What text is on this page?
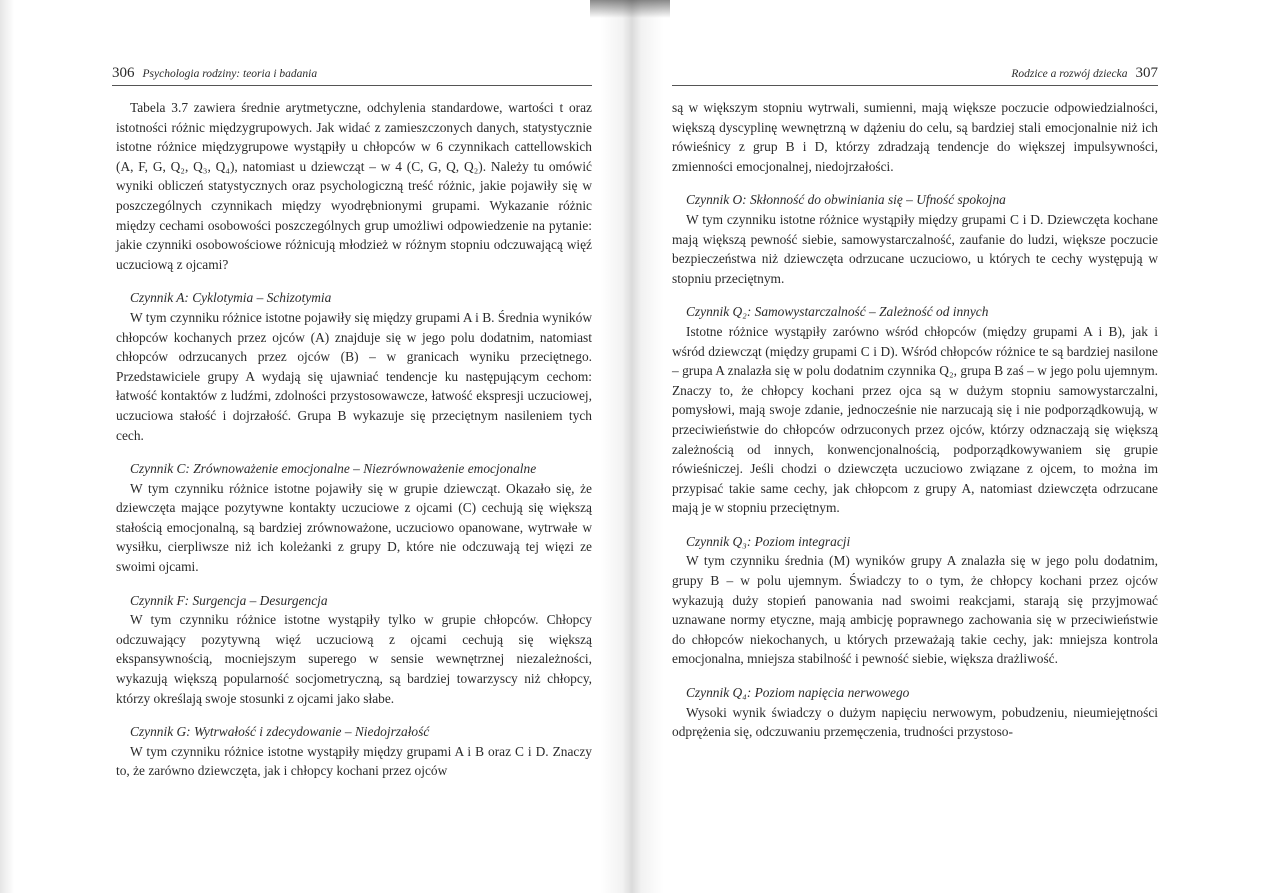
306 Psychologia rodziny: teoria i badania

Tabela 3.7 zawiera średnie arytmetyczne, odchylenia standardowe, wartości t oraz istotności różnic międzygrupowych. Jak widać z zamieszczonych danych, statystycznie istotne różnice międzygrupowe wystąpiły u chłopców w 6 czynnikach cattellowskich (A, F, G, Q₂, Q₃, Q₄), natomiast u dziewcząt – w 4 (C, G, Q, Q₂). Należy tu omówić wyniki obliczeń statystycznych oraz psychologiczną treść różnic, jakie pojawiły się w poszczególnych czynnikach między wyodrębnionymi grupami. Wykazanie różnic między cechami osobowości poszczególnych grup umożliwi odpowiedzenie na pytanie: jakie czynniki osobowościowe różnicują młodzież w różnym stopniu odczuwającą więź uczuciową z ojcami?

Czynnik A: Cyklotymia – Schizotymia

W tym czynniku różnice istotne pojawiły się między grupami A i B. Średnia wyników chłopców kochanych przez ojców (A) znajduje się w jego polu dodatnim, natomiast chłopców odrzucanych przez ojców (B) – w granicach wyniku przeciętnego. Przedstawiciele grupy A wydają się ujawniać tendencje ku następującym cechom: łatwość kontaktów z ludźmi, zdolności przystosowawcze, łatwość ekspresji uczuciowej, uczuciowa stałość i dojrzałość. Grupa B wykazuje się przeciętnym nasileniem tych cech.

Czynnik C: Zrównoważenie emocjonalne – Niezrównoważenie emocjonalne

W tym czynniku różnice istotne pojawiły się w grupie dziewcząt. Okazało się, że dziewczęta mające pozytywne kontakty uczuciowe z ojcami (C) cechują się większą stałością emocjonalną, są bardziej zrównoważone, uczuciowo opanowane, wytrwałe w wysiłku, cierpliwsze niż ich koleżanki z grupy D, które nie odczuwają tej więzi ze swoimi ojcami.

Czynnik F: Surgencja – Desurgencja

W tym czynniku różnice istotne wystąpiły tylko w grupie chłopców. Chłopcy odczuwający pozytywną więź uczuciową z ojcami cechują się większą ekspansywnością, mocniejszym superego w sensie wewnętrznej niezależności, wykazują większą popularność socjometryczną, są bardziej towarzyscy niż chłopcy, którzy określają swoje stosunki z ojcami jako słabe.

Czynnik G: Wytrwałość i zdecydowanie – Niedojrzałość

W tym czynniku różnice istotne wystąpiły między grupami A i B oraz C i D. Znaczy to, że zarówno dziewczęta, jak i chłopcy kochani przez ojców

Rodzice a rozwój dziecka 307

są w większym stopniu wytrwali, sumienni, mają większe poczucie odpowiedzialności, większą dyscyplinę wewnętrzną w dążeniu do celu, są bardziej stali emocjonalnie niż ich rówieśnicy z grup B i D, którzy zdradzają tendencje do większej impulsywności, zmienności emocjonalnej, niedojrzałości.

Czynnik O: Skłonność do obwiniania się – Ufność spokojna

W tym czynniku istotne różnice wystąpiły między grupami C i D. Dziewczęta kochane mają większą pewność siebie, samowystarczalność, zaufanie do ludzi, większe poczucie bezpieczeństwa niż dziewczęta odrzucane uczuciowo, u których te cechy występują w stopniu przeciętnym.

Czynnik Q₂: Samowystarczalność – Zależność od innych

Istotne różnice wystąpiły zarówno wśród chłopców (między grupami A i B), jak i wśród dziewcząt (między grupami C i D). Wśród chłopców różnice te są bardziej nasilone – grupa A znalazła się w polu dodatnim czynnika Q₂, grupa B zaś – w jego polu ujemnym. Znaczy to, że chłopcy kochani przez ojca są w dużym stopniu samowystarczalni, pomysłowi, mają swoje zdanie, jednocześnie nie narzucają się i nie podporządkowują, w przeciwieństwie do chłopców odrzuconych przez ojców, którzy odznaczają się większą zależnością od innych, konwencjonalnością, podporządkowywaniem się grupie rówieśniczej. Jeśli chodzi o dziewczęta uczuciowo związane z ojcem, to można im przypisać takie same cechy, jak chłopcom z grupy A, natomiast dziewczęta odrzucane mają je w stopniu przeciętnym.

Czynnik Q₃: Poziom integracji

W tym czynniku średnia (M) wyników grupy A znalazła się w jego polu dodatnim, grupy B – w polu ujemnym. Świadczy to o tym, że chłopcy kochani przez ojców wykazują duży stopień panowania nad swoimi reakcjami, starają się przyjmować uznawane normy etyczne, mają ambicję poprawnego zachowania się w przeciwieństwie do chłopców niekochanych, u których przeważają takie cechy, jak: mniejsza kontrola emocjonalna, mniejsza stabilność i pewność siebie, większa drażliwość.

Czynnik Q₄: Poziom napięcia nerwowego

Wysoki wynik świadczy o dużym napięciu nerwowym, pobudzeniu, nieumiejętności odprężenia się, odczuwaniu przemęczenia, trudności przystoso-
